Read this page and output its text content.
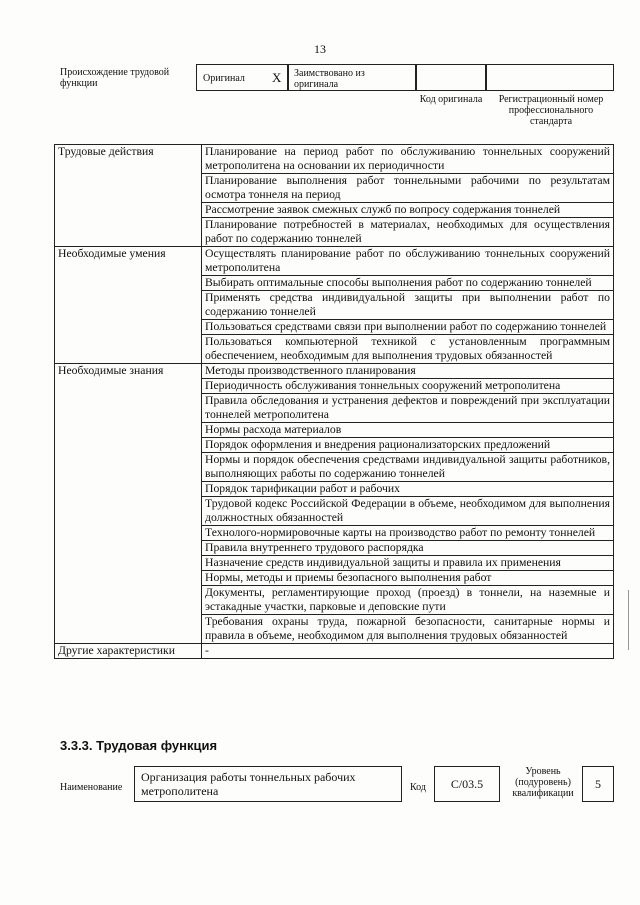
13
Происхождение трудовой функции	Оригинал X Заимствовано из оригинала
Код оригинала	Регистрационный номер профессионального стандарта
Трудовые действия	Планирование на период работ по обслуживанию тоннельных сооружений метрополитена на основании их периодичности
	Планирование выполнения работ тоннельными рабочими по результатам осмотра тоннеля на период
	Рассмотрение заявок смежных служб по вопросу содержания тоннелей
	Планирование потребностей в материалах, необходимых для осуществления работ по содержанию тоннелей
Необходимые умения	Осуществлять планирование работ по обслуживанию тоннельных сооружений метрополитена
	Выбирать оптимальные способы выполнения работ по содержанию тоннелей
	Применять средства индивидуальной защиты при выполнении работ по содержанию тоннелей
	Пользоваться средствами связи при выполнении работ по содержанию тоннелей
	Пользоваться компьютерной техникой с установленным программным обеспечением, необходимым для выполнения трудовых обязанностей
Необходимые знания	Методы производственного планирования
	Периодичность обслуживания тоннельных сооружений метрополитена
	Правила обследования и устранения дефектов и повреждений при эксплуатации тоннелей метрополитена
	Нормы расхода материалов
	Порядок оформления и внедрения рационализаторских предложений
	Нормы и порядок обеспечения средствами индивидуальной защиты работников, выполняющих работы по содержанию тоннелей
	Порядок тарификации работ и рабочих
	Трудовой кодекс Российской Федерации в объеме, необходимом для выполнения должностных обязанностей
	Технолого-нормировочные карты на производство работ по ремонту тоннелей
	Правила внутреннего трудового распорядка
	Назначение средств индивидуальной защиты и правила их применения
	Нормы, методы и приемы безопасного выполнения работ
	Документы, регламентирующие проход (проезд) в тоннели, на наземные и эстакадные участки, парковые и деповские пути
	Требования охраны труда, пожарной безопасности, санитарные нормы и правила в объеме, необходимом для выполнения трудовых обязанностей
Другие характеристики	-
3.3.3. Трудовая функция
Наименование
Организация работы тоннельных рабочих метрополитена	Код С/03.5
Уровень (подуровень) квалификации
5
